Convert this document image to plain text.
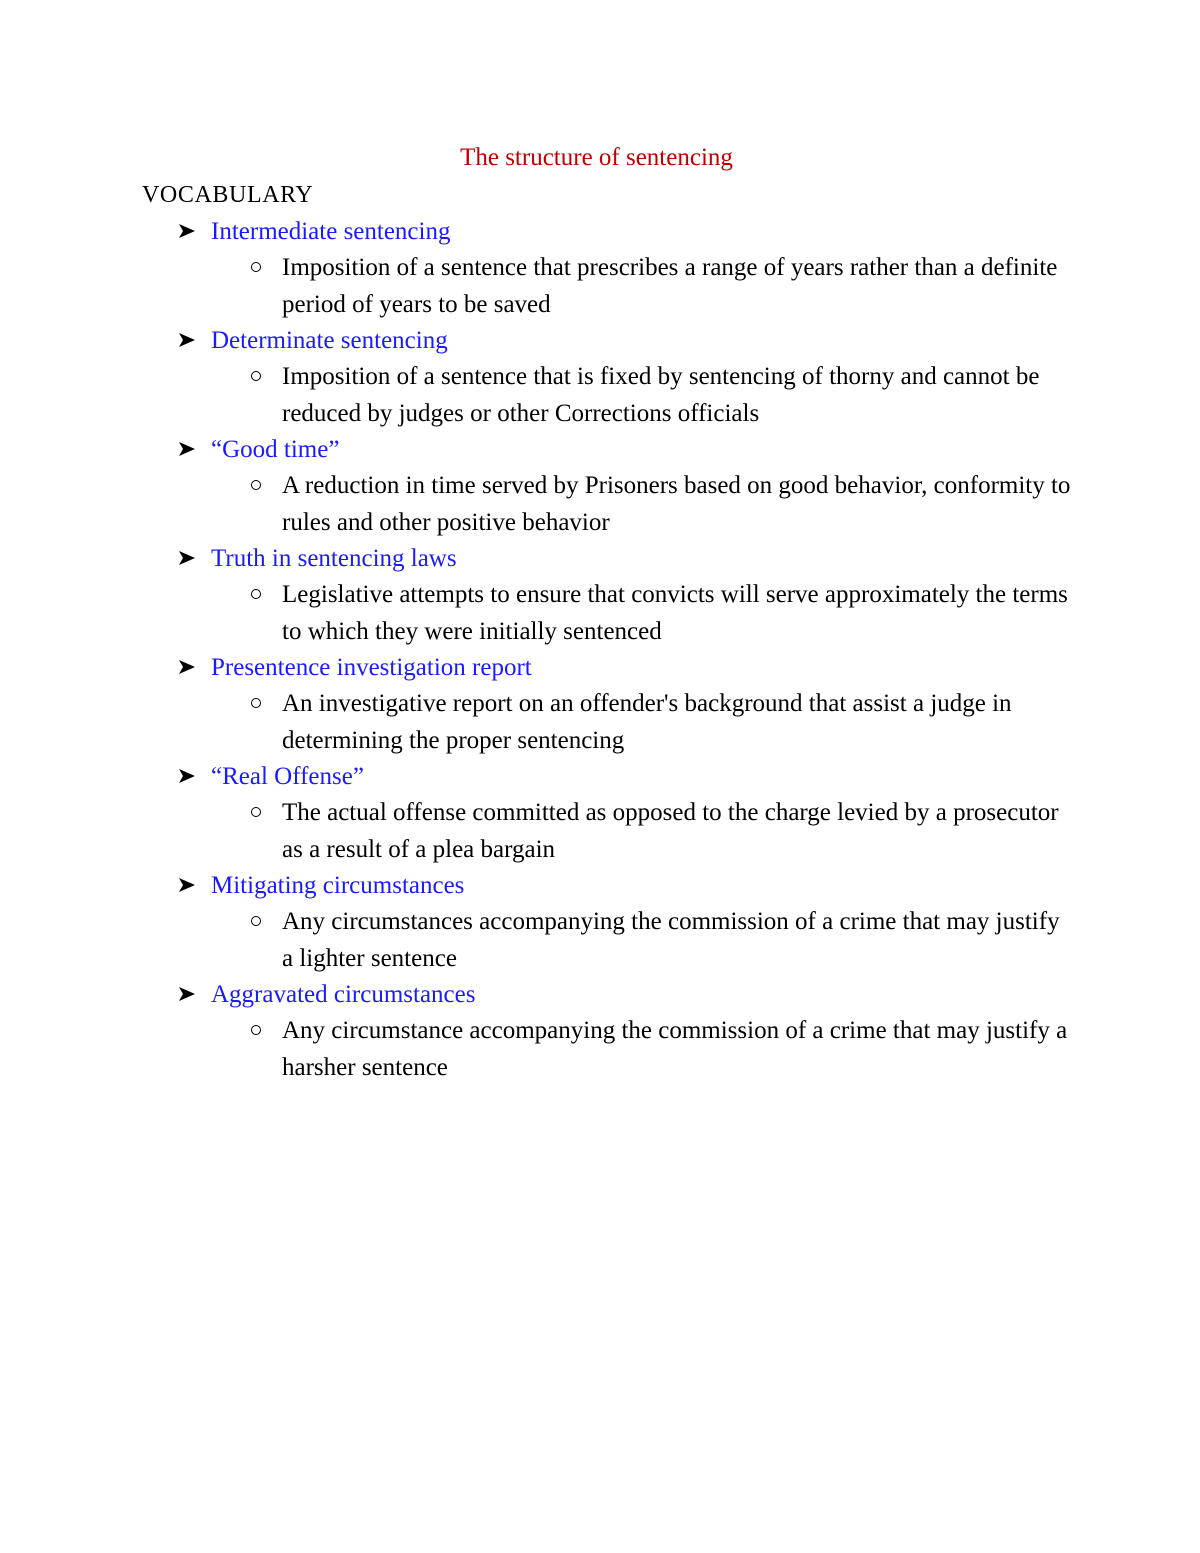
The structure of sentencing
VOCABULARY
Intermediate sentencing
Imposition of a sentence that prescribes a range of years rather than a definite period of years to be saved
Determinate sentencing
Imposition of a sentence that is fixed by sentencing of thorny and cannot be reduced by judges or other Corrections officials
“Good time”
A reduction in time served by Prisoners based on good behavior, conformity to rules and other positive behavior
Truth in sentencing laws
Legislative attempts to ensure that convicts will serve approximately the terms to which they were initially sentenced
Presentence investigation report
An investigative report on an offender's background that assist a judge in determining the proper sentencing
“Real Offense”
The actual offense committed as opposed to the charge levied by a prosecutor as a result of a plea bargain
Mitigating circumstances
Any circumstances accompanying the commission of a crime that may justify a lighter sentence
Aggravated circumstances
Any circumstance accompanying the commission of a crime that may justify a harsher sentence
